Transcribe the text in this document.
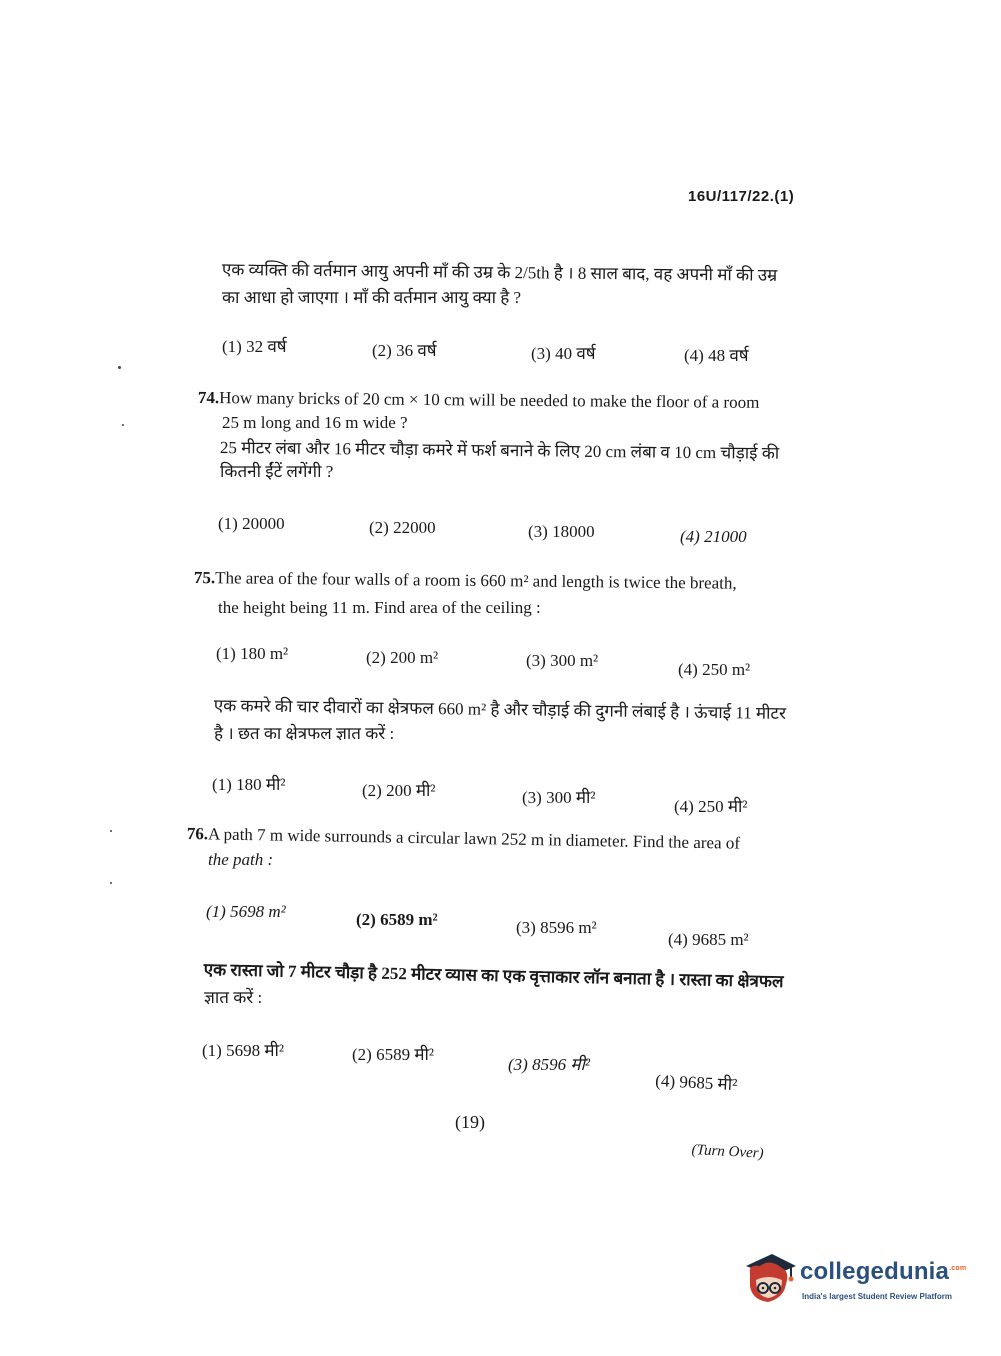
16U/117/22.(1)
एक व्यक्ति की वर्तमान आयु अपनी माँ की उम्र के 2/5th है । 8 साल बाद, वह अपनी माँ की उम्र
का आधा हो जाएगा । माँ की वर्तमान आयु क्या है ?
(1) 32 वर्ष	(2) 36 वर्ष	(3) 40 वर्ष	(4) 48 वर्ष
74.How many bricks of 20 cm × 10 cm will be needed to make the floor of a room
25 m long and 16 m wide ?
25 मीटर लंबा और 16 मीटर चौड़ा कमरे में फर्श बनाने के लिए 20 cm लंबा व 10 cm चौड़ाई की
कितनी ईंटें लगेंगी ?
(1) 20000	(2) 22000	(3) 18000	(4) 21000
75.The area of the four walls of a room is 660 m² and length is twice the breath,
the height being 11 m. Find area of the ceiling :
(1) 180 m²	(2) 200 m²	(3) 300 m²	(4) 250 m²
एक कमरे की चार दीवारों का क्षेत्रफल 660 m² है और चौड़ाई की दुगनी लंबाई है । ऊंचाई 11 मीटर
है । छत का क्षेत्रफल ज्ञात करें :
(1) 180 मी²	(2) 200 मी²	(3) 300 मी²	(4) 250 मी²
76.A path 7 m wide surrounds a circular lawn 252 m in diameter. Find the area of
the path :
(1) 5698 m²	(2) 6589 m²	(3) 8596 m²
(4) 9685 m²
एक रास्ता जो 7 मीटर चौड़ा है 252 मीटर व्यास का एक वृत्ताकार लॉन बनाता है । रास्ता का क्षेत्रफल
ज्ञात करें :
(1) 5698 मी²	(2) 6589 मी²
(3) 8596 मी²
(4) 9685 मी²
(19)
(Turn Over)
collegedunia$^{.com}$
India's largest Student Review Platform
